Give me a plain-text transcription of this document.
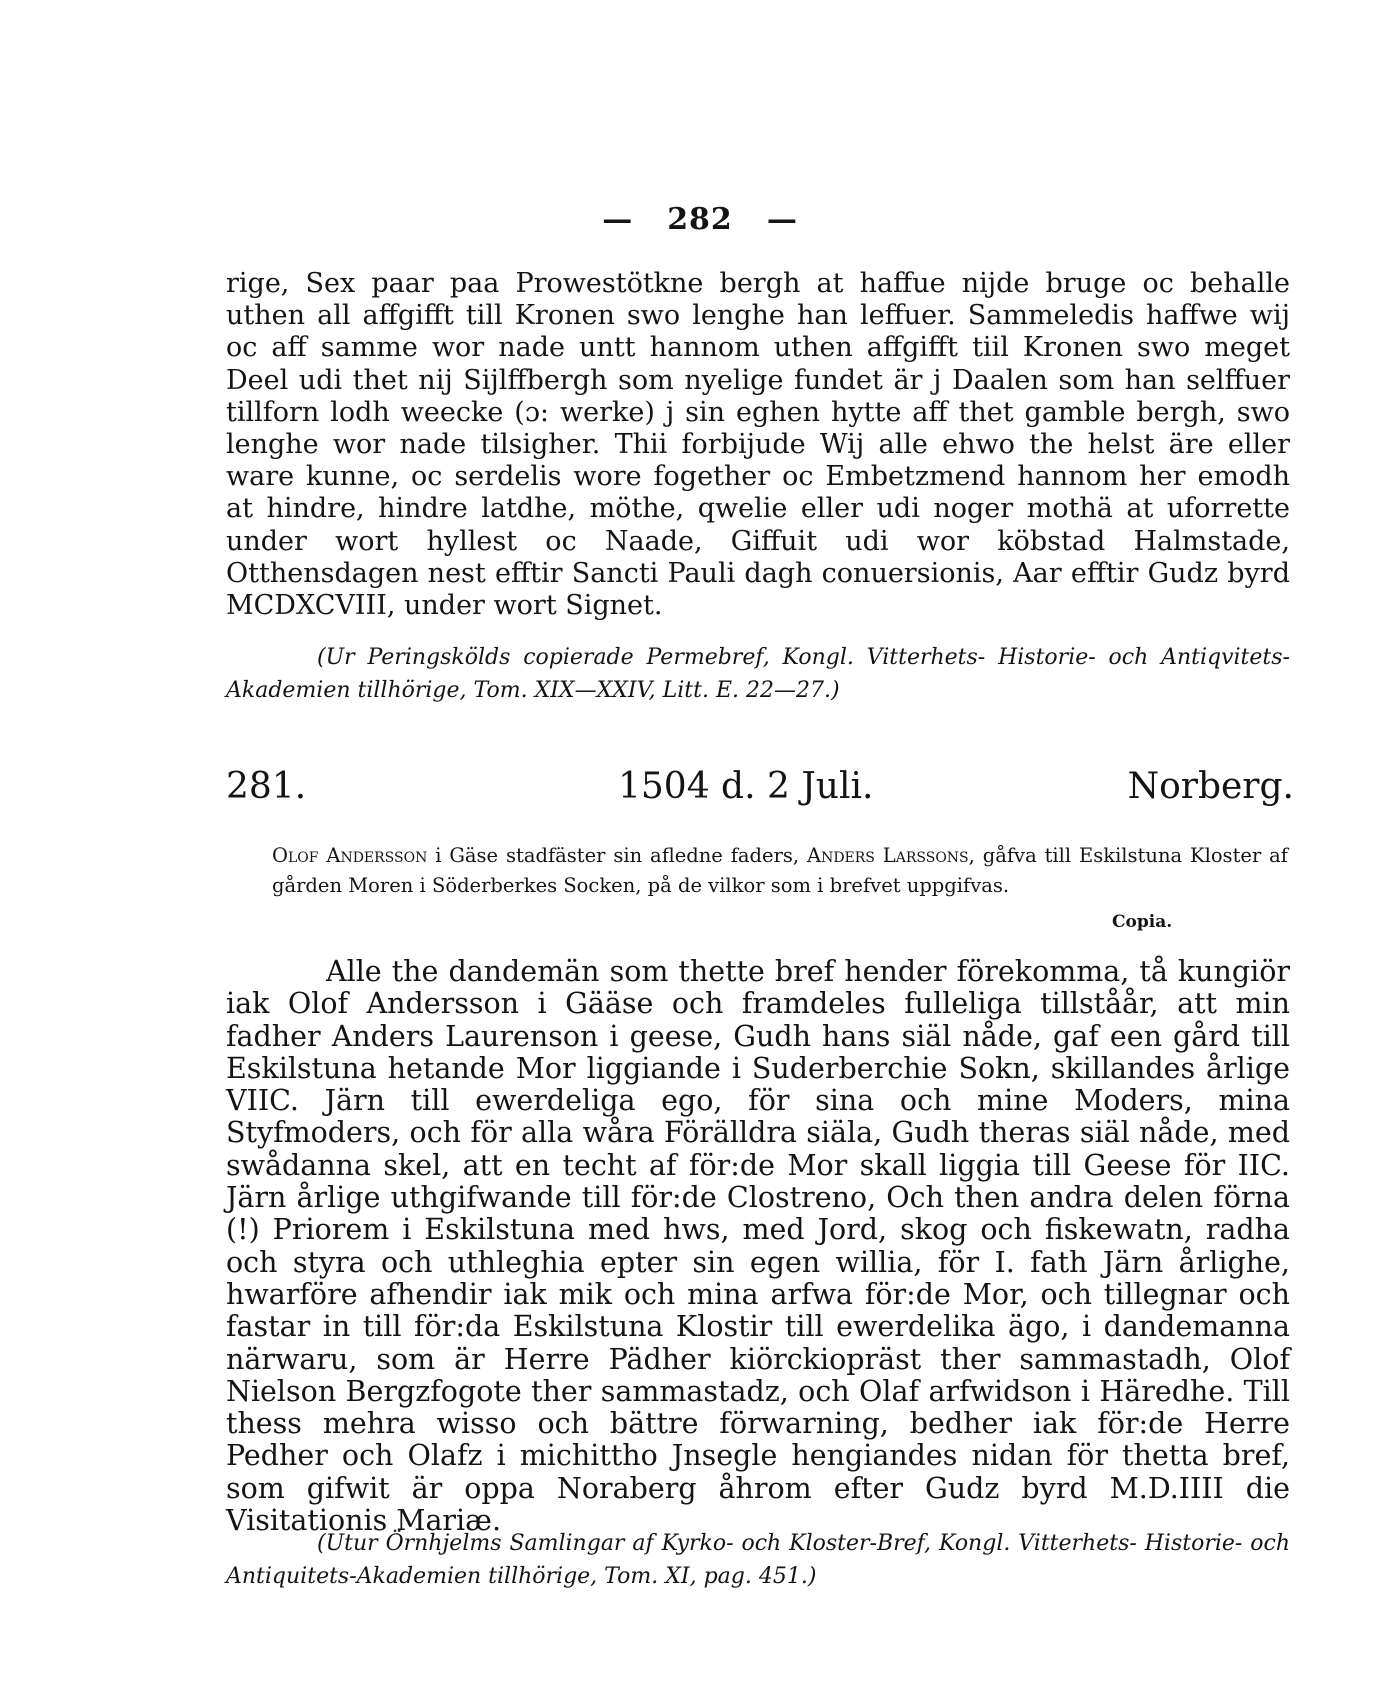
— 282 —
rige, Sex paar paa Prowestötkne bergh at haffue nijde bruge oc behalle uthen all affgifft till Kronen swo lenghe han leffuer. Sammeledis haffwe wij oc aff samme wor nade untt hannom uthen affgifft tiil Kronen swo meget Deel udi thet nij Sijlffbergh som nyelige fundet är j Daalen som han selffuer tillforn lodh weecke (ɔ: werke) j sin eghen hytte aff thet gamble bergh, swo lenghe wor nade tilsigher. Thii forbijude Wij alle ehwo the helst äre eller ware kunne, oc serdelis wore fogether oc Embetzmend hannom her emodh at hindre, hindre latdhe, möthe, qwelie eller udi noger mothä at uforrette under wort hyllest oc Naade, Giffuit udi wor köbstad Halmstade, Otthensdagen nest efftir Sancti Pauli dagh conuersionis, Aar efftir Gudz byrd MCDXCVIII, under wort Signet.
(Ur Peringskölds copierade Permebref, Kongl. Vitterhets- Historie- och Antiqvitets-Akademien tillhörige, Tom. XIX—XXIV, Litt. E. 22—27.)
281.	1504 d. 2 Juli.	Norberg.
Olof Andersson i Gäse stadfäster sin afledne faders, Anders Larssons, gåfva till Eskilstuna Kloster af gården Moren i Söderberkes Socken, på de vilkor som i brefvet uppgifvas.
Copia.
Alle the dandemän som thette bref hender förekomma, tå kungiör iak Olof Andersson i Gääse och framdeles fulleliga tillståår, att min fadher Anders Laurenson i geese, Gudh hans siäl nåde, gaf een gård till Eskilstuna hetande Mor liggiande i Suderberchie Sokn, skillandes årlige VIIC. Järn till ewerdeliga ego, för sina och mine Moders, mina Styfmoders, och för alla wåra Förälldra siäla, Gudh theras siäl nåde, med swådanna skel, att en techt af för:de Mor skall liggia till Geese för IIC. Järn årlige uthgifwande till för:de Clostreno, Och then andra delen förna (!) Priorem i Eskilstuna med hws, med Jord, skog och fiskewatn, radha och styra och uthleghia epter sin egen willia, för I. fath Järn årlighe, hwarföre afhendir iak mik och mina arfwa för:de Mor, och tillegnar och fastar in till för:da Eskilstuna Klostir till ewerdelika ägo, i dandemanna närwaru, som är Herre Pädher kiörckiopräst ther sammastadh, Olof Nielson Bergzfogote ther sammastadz, och Olaf arfwidson i Häredhe. Till thess mehra wisso och bättre förwarning, bedher iak för:de Herre Pedher och Olafz i michittho Jnsegle hengiandes nidan för thetta bref, som gifwit är oppa Noraberg åhrom efter Gudz byrd M.D.IIII die Visitationis Mariæ.
(Utur Örnhjelms Samlingar af Kyrko- och Kloster-Bref, Kongl. Vitterhets- Historie- och Antiquitets-Akademien tillhörige, Tom. XI, pag. 451.)
